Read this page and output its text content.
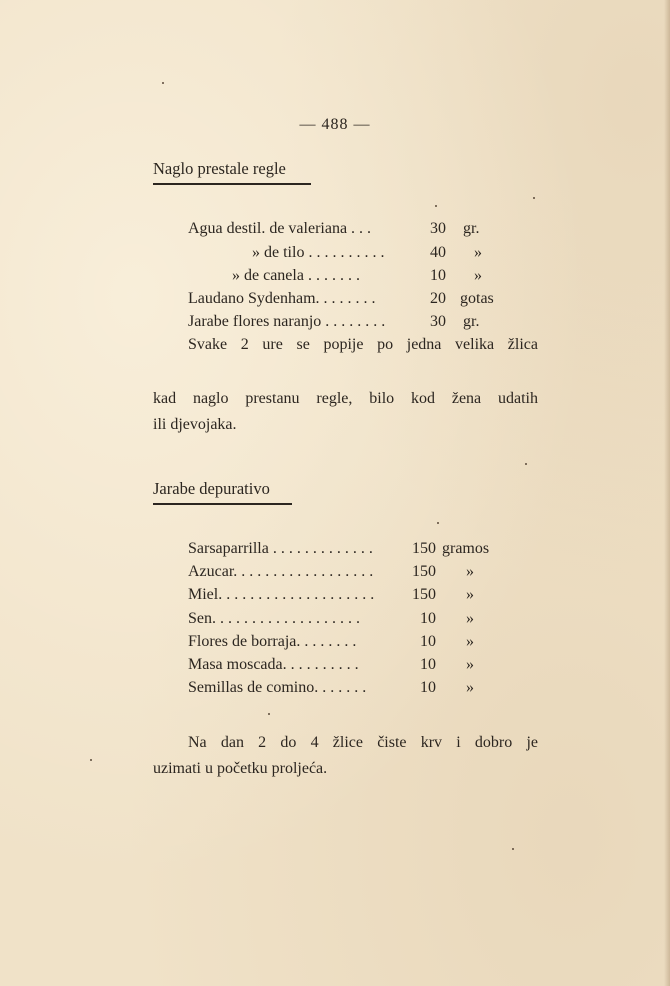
— 488 —
Naglo prestale regle
Agua destil. de valeriana . . .	30 gr.
» de tilo . . . . . . . . . .	40 »
» de canela . . . . . . .	10 »
Laudano Sydenham. . . . . . . .	20 gotas
Jarabe flores naranjo . . . . . . . .	30 gr.
Svake 2 ure se popije po jedna velika žlica
kad naglo prestanu regle, bilo kod žena udatih
ili djevojaka.
Jarabe depurativo
Sarsaparrilla . . . . . . . . . . . . .	150 gramos
Azucar. . . . . . . . . . . . . . . . . .	150 »
Miel. . . . . . . . . . . . . . . . . . . .	150 »
Sen. . . . . . . . . . . . . . . . . . .	10 »
Flores de borraja. . . . . . . .	10 »
Masa moscada. . . . . . . . . .	10 »
Semillas de comino. . . . . . .	10 »
Na dan 2 do 4 žlice čiste krv i dobro je
uzimati u početku proljeća.
